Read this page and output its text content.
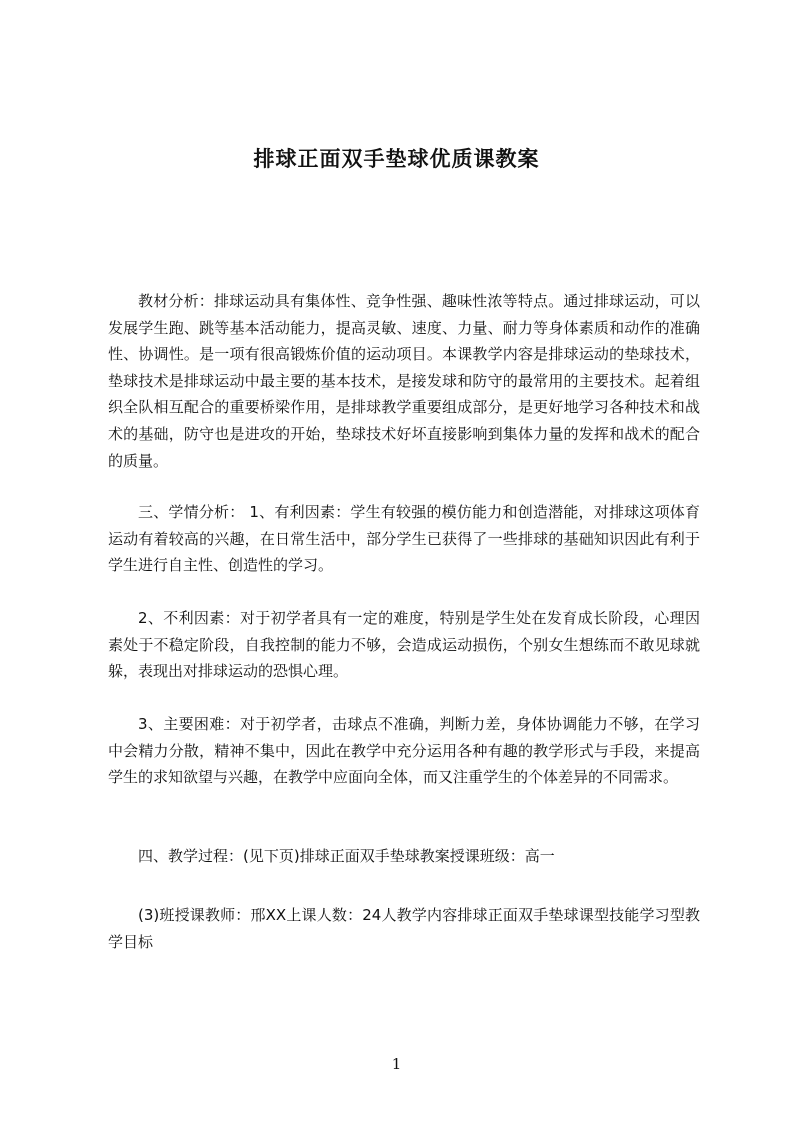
排球正面双手垫球优质课教案

教材分析：排球运动具有集体性、竞争性强、趣味性浓等特点。通过排球运动，可以发展学生跑、跳等基本活动能力，提高灵敏、速度、力量、耐力等身体素质和动作的准确性、协调性。是一项有很高锻炼价值的运动项目。本课教学内容是排球运动的垫球技术，垫球技术是排球运动中最主要的基本技术，是接发球和防守的最常用的主要技术。起着组织全队相互配合的重要桥梁作用，是排球教学重要组成部分，是更好地学习各种技术和战术的基础，防守也是进攻的开始，垫球技术好坏直接影响到集体力量的发挥和战术的配合的质量。

三、学情分析： 1、有利因素：学生有较强的模仿能力和创造潜能，对排球这项体育运动有着较高的兴趣，在日常生活中，部分学生已获得了一些排球的基础知识因此有利于学生进行自主性、创造性的学习。

2、不利因素：对于初学者具有一定的难度，特别是学生处在发育成长阶段，心理因素处于不稳定阶段，自我控制的能力不够，会造成运动损伤，个别女生想练而不敢见球就躲，表现出对排球运动的恐惧心理。

3、主要困难：对于初学者，击球点不准确，判断力差，身体协调能力不够，在学习中会精力分散，精神不集中，因此在教学中充分运用各种有趣的教学形式与手段，来提高学生的求知欲望与兴趣，在教学中应面向全体，而又注重学生的个体差异的不同需求。

四、教学过程：(见下页)排球正面双手垫球教案授课班级：高一

(3)班授课教师：邢XX上课人数：24人教学内容排球正面双手垫球课型技能学习型教学目标

1
